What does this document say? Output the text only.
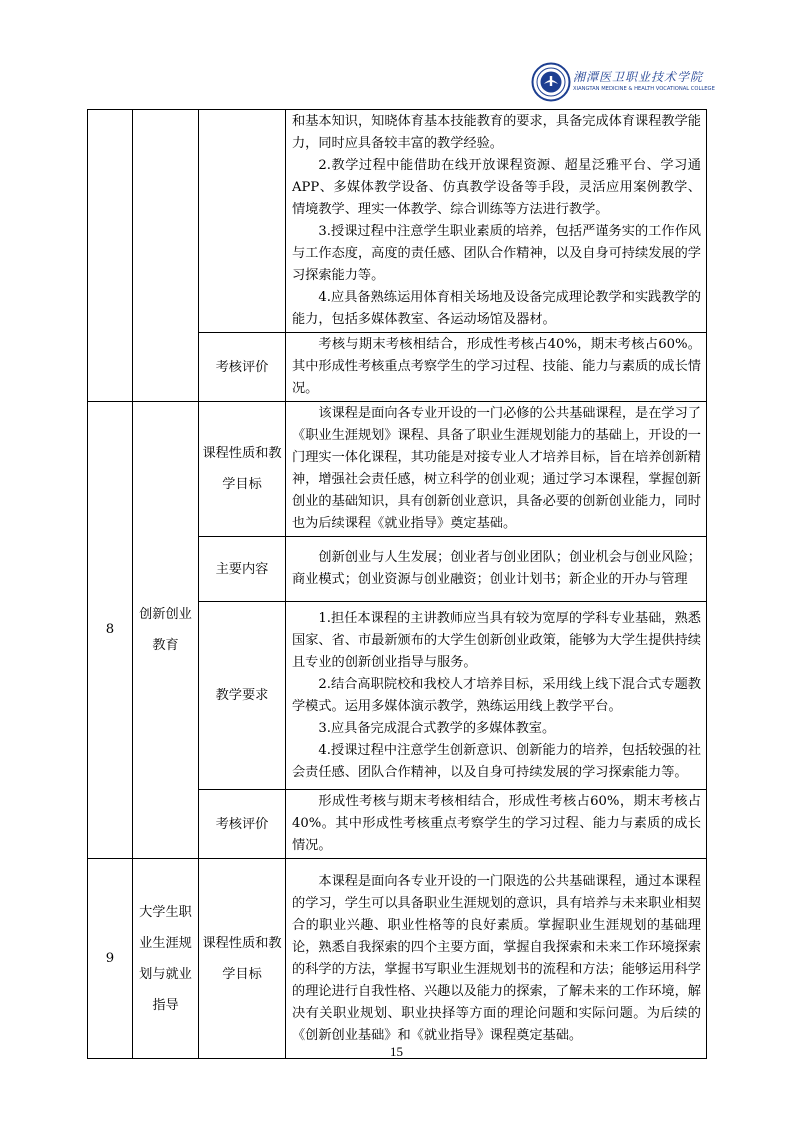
湘潭医卫职业技术学院
XIANGTAN MEDICINE & HEALTH VOCATIONAL COLLEGE

			和基本知识，知晓体育基本技能教育的要求，具备完成体育课程教学能力，同时应具备较丰富的教学经验。

2.教学过程中能借助在线开放课程资源、超星泛雅平台、学习通APP、多媒体教学设备、仿真教学设备等手段，灵活应用案例教学、情境教学、理实一体教学、综合训练等方法进行教学。

3.授课过程中注意学生职业素质的培养，包括严谨务实的工作作风与工作态度，高度的责任感、团队合作精神，以及自身可持续发展的学习探索能力等。

4.应具备熟练运用体育相关场地及设备完成理论教学和实践教学的能力，包括多媒体教室、各运动场馆及器材。

		考核评价	考核与期末考核相结合，形成性考核占40%，期末考核占60%。其中形成性考核重点考察学生的学习过程、技能、能力与素质的成长情况。

8	创新创业教育	课程性质和教学目标	该课程是面向各专业开设的一门必修的公共基础课程，是在学习了《职业生涯规划》课程、具备了职业生涯规划能力的基础上，开设的一门理实一体化课程，其功能是对接专业人才培养目标，旨在培养创新精神，增强社会责任感，树立科学的创业观；通过学习本课程，掌握创新创业的基础知识，具有创新创业意识，具备必要的创新创业能力，同时也为后续课程《就业指导》奠定基础。

		主要内容	创新创业与人生发展；创业者与创业团队；创业机会与创业风险；商业模式；创业资源与创业融资；创业计划书；新企业的开办与管理

		教学要求	1.担任本课程的主讲教师应当具有较为宽厚的学科专业基础，熟悉国家、省、市最新颁布的大学生创新创业政策，能够为大学生提供持续且专业的创新创业指导与服务。

2.结合高职院校和我校人才培养目标，采用线上线下混合式专题教学模式。运用多媒体演示教学，熟练运用线上教学平台。

3.应具备完成混合式教学的多媒体教室。

4.授课过程中注意学生创新意识、创新能力的培养，包括较强的社会责任感、团队合作精神，以及自身可持续发展的学习探索能力等。

		考核评价	形成性考核与期末考核相结合，形成性考核占60%，期末考核占40%。其中形成性考核重点考察学生的学习过程、能力与素质的成长情况。

9	大学生职业生涯规划与就业指导	课程性质和教学目标	本课程是面向各专业开设的一门限选的公共基础课程，通过本课程的学习，学生可以具备职业生涯规划的意识，具有培养与未来职业相契合的职业兴趣、职业性格等的良好素质。掌握职业生涯规划的基础理论，熟悉自我探索的四个主要方面，掌握自我探索和未来工作环境探索的科学的方法，掌握书写职业生涯规划书的流程和方法；能够运用科学的理论进行自我性格、兴趣以及能力的探索，了解未来的工作环境，解决有关职业规划、职业抉择等方面的理论问题和实际问题。为后续的《创新创业基础》和《就业指导》课程奠定基础。

15
